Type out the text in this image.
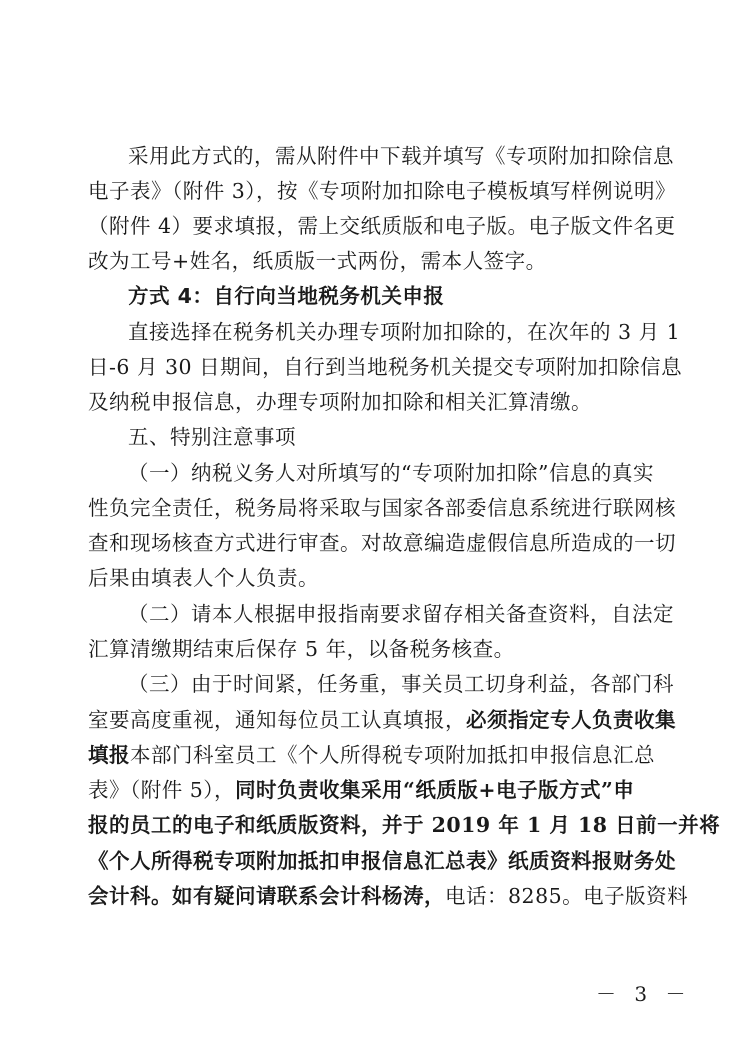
采用此方式的，需从附件中下载并填写《专项附加扣除信息
电子表》（附件 3），按《专项附加扣除电子模板填写样例说明》
（附件 4）要求填报，需上交纸质版和电子版。电子版文件名更
改为工号+姓名，纸质版一式两份，需本人签字。
方式 4：自行向当地税务机关申报
直接选择在税务机关办理专项附加扣除的，在次年的 3 月 1
日-6 月 30 日期间，自行到当地税务机关提交专项附加扣除信息
及纳税申报信息，办理专项附加扣除和相关汇算清缴。
五、特别注意事项
（一）纳税义务人对所填写的“专项附加扣除”信息的真实
性负完全责任，税务局将采取与国家各部委信息系统进行联网核
查和现场核查方式进行审查。对故意编造虚假信息所造成的一切
后果由填表人个人负责。
（二）请本人根据申报指南要求留存相关备查资料，自法定
汇算清缴期结束后保存 5 年，以备税务核查。
（三）由于时间紧，任务重，事关员工切身利益，各部门科
室要高度重视，通知每位员工认真填报，必须指定专人负责收集
填报本部门科室员工《个人所得税专项附加抵扣申报信息汇总
表》（附件 5），同时负责收集采用“纸质版+电子版方式”申
报的员工的电子和纸质版资料，并于 2019 年 1 月 18 日前一并将
《个人所得税专项附加抵扣申报信息汇总表》纸质资料报财务处
会计科。如有疑问请联系会计科杨涛，电话：8285。电子版资料
－ 3 －
